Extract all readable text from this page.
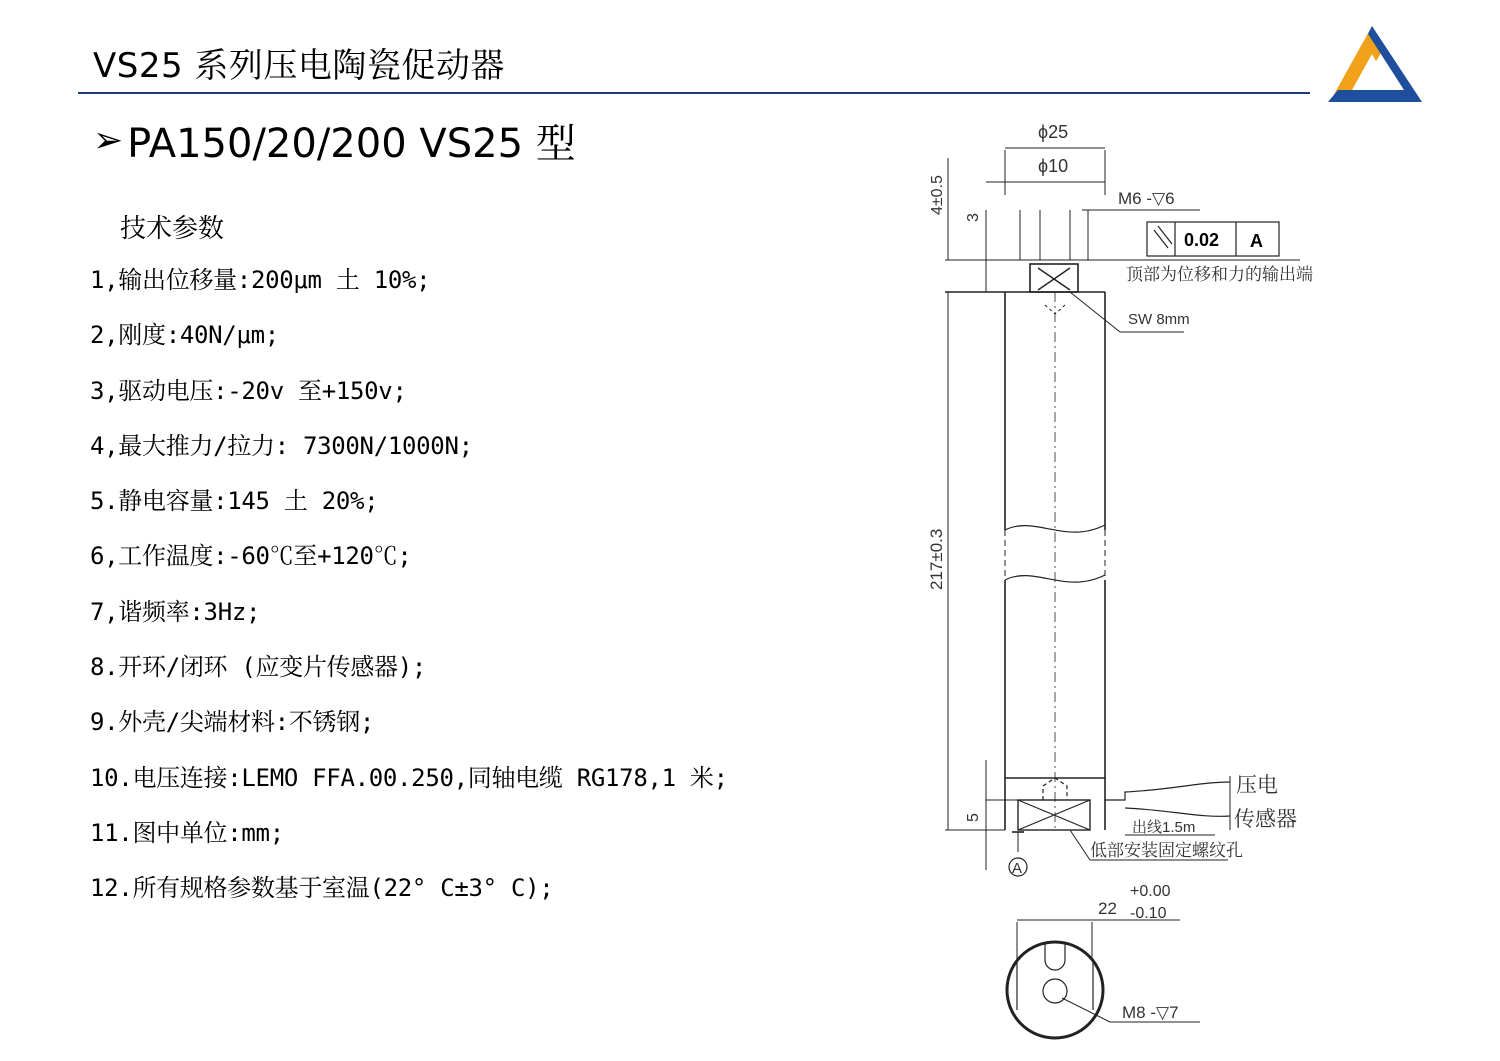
VS25 系列压电陶瓷促动器
➢ PA150/20/200 VS25 型
技术参数
1,输出位移量:200μm 土 10%;
2,刚度:40N/μm;
3,驱动电压:-20v 至+150v;
4,最大推力/拉力: 7300N/1000N;
5.静电容量:145 土 20%;
6,工作温度:-60℃至+120℃;
7,谐频率:3Hz;
8.开环/闭环 (应变片传感器);
9.外壳/尖端材料:不锈钢;
10.电压连接:LEMO FFA.00.250,同轴电缆 RG178,1 米;
11.图中单位:mm;
12.所有规格参数基于室温(22° C±3° C);
ϕ25
ϕ10
M6 -▽6
0.02 A
顶部为位移和力的输出端
SW 8mm
4±0.5
3
217±0.3
5
压电
传感器
出线1.5m
A
低部安装固定螺纹孔
22
+0.00
-0.10
M8 -▽7
